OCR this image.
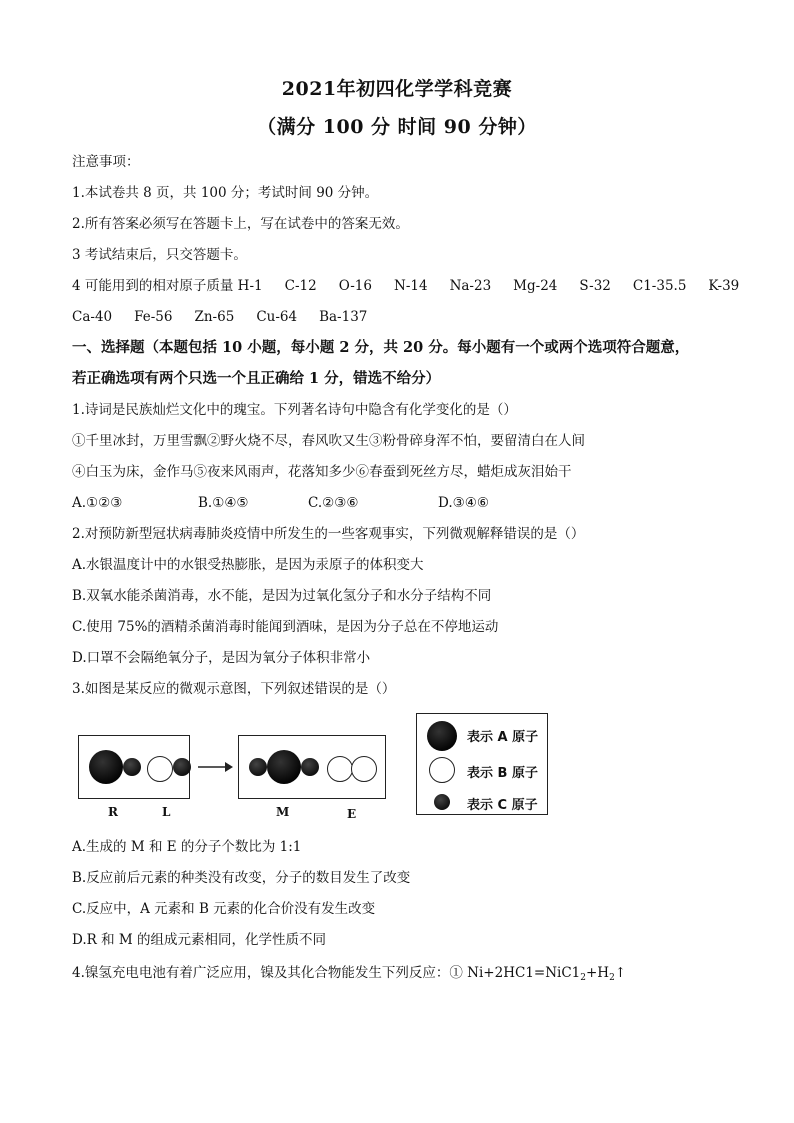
2021年初四化学学科竞赛
（满分 100 分 时间 90 分钟）
注意事项：
1.本试卷共 8 页，共 100 分；考试时间 90 分钟。
2.所有答案必须写在答题卡上，写在试卷中的答案无效。
3 考试结束后，只交答题卡。
4 可能用到的相对原子质量 H-1 C-12 O-16 N-14 Na-23 Mg-24 S-32 C1-35.5 K-39
Ca-40 Fe-56 Zn-65 Cu-64 Ba-137
一、选择题（本题包括 10 小题，每小题 2 分，共 20 分。每小题有一个或两个选项符合题意，
若正确选项有两个只选一个且正确给 1 分，错选不给分）
1.诗词是民族灿烂文化中的瑰宝。下列著名诗句中隐含有化学变化的是（）
①千里冰封，万里雪飘②野火烧不尽，春风吹又生③粉骨碎身浑不怕，要留清白在人间
④白玉为床，金作马⑤夜来风雨声，花落知多少⑥春蚕到死丝方尽，蜡炬成灰泪始干
A.①②③	B.①④⑤	C.②③⑥	D.③④⑥
2.对预防新型冠状病毒肺炎疫情中所发生的一些客观事实，下列微观解释错误的是（）
A.水银温度计中的水银受热膨胀，是因为汞原子的体积变大
B.双氧水能杀菌消毒，水不能，是因为过氧化氢分子和水分子结构不同
C.使用 75%的酒精杀菌消毒时能闻到酒味，是因为分子总在不停地运动
D.口罩不会隔绝氧分子，是因为氧分子体积非常小
3.如图是某反应的微观示意图，下列叙述错误的是（）
R	L	M	E
表示 A 原子
表示 B 原子
表示 C 原子
A.生成的 M 和 E 的分子个数比为 1:1
B.反应前后元素的种类没有改变，分子的数目发生了改变
C.反应中，A 元素和 B 元素的化合价没有发生改变
D.R 和 M 的组成元素相同，化学性质不同
4.镍氢充电电池有着广泛应用，镍及其化合物能发生下列反应：① $Ni+2HC1=NiC1_2+H_2↑$
